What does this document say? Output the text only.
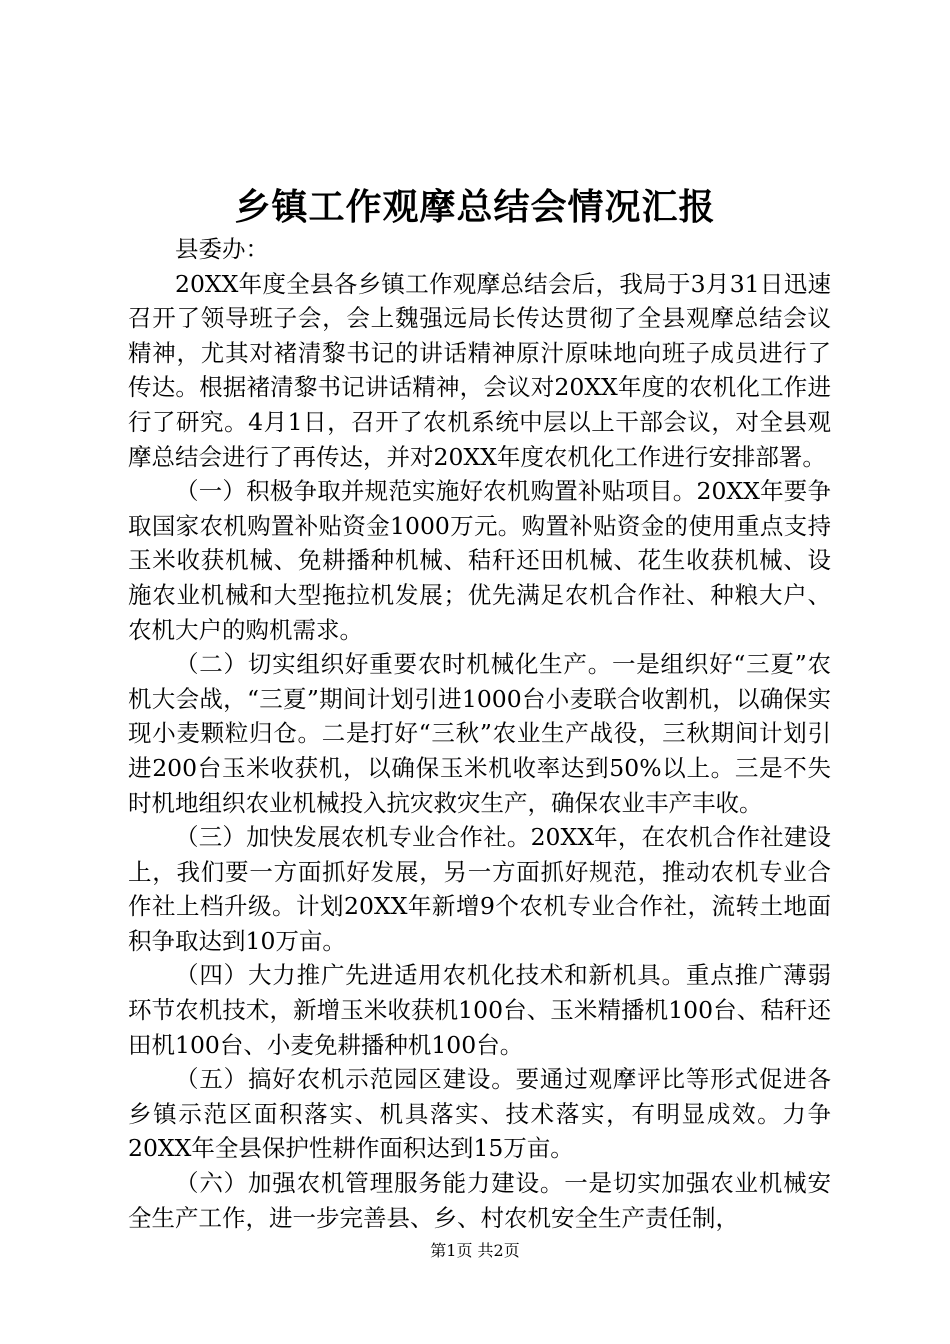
乡镇工作观摩总结会情况汇报

县委办：

20XX年度全县各乡镇工作观摩总结会后，我局于3月31日迅速召开了领导班子会，会上魏强远局长传达贯彻了全县观摩总结会议精神，尤其对褚清黎书记的讲话精神原汁原味地向班子成员进行了传达。根据褚清黎书记讲话精神，会议对20XX年度的农机化工作进行了研究。4月1日，召开了农机系统中层以上干部会议，对全县观摩总结会进行了再传达，并对20XX年度农机化工作进行安排部署。

（一）积极争取并规范实施好农机购置补贴项目。20XX年要争取国家农机购置补贴资金1000万元。购置补贴资金的使用重点支持玉米收获机械、免耕播种机械、秸秆还田机械、花生收获机械、设施农业机械和大型拖拉机发展；优先满足农机合作社、种粮大户、农机大户的购机需求。

（二）切实组织好重要农时机械化生产。一是组织好“三夏”农机大会战，“三夏”期间计划引进1000台小麦联合收割机，以确保实现小麦颗粒归仓。二是打好“三秋”农业生产战役，三秋期间计划引进200台玉米收获机，以确保玉米机收率达到50%以上。三是不失时机地组织农业机械投入抗灾救灾生产，确保农业丰产丰收。

（三）加快发展农机专业合作社。20XX年，在农机合作社建设上，我们要一方面抓好发展，另一方面抓好规范，推动农机专业合作社上档升级。计划20XX年新增9个农机专业合作社，流转土地面积争取达到10万亩。

（四）大力推广先进适用农机化技术和新机具。重点推广薄弱环节农机技术，新增玉米收获机100台、玉米精播机100台、秸秆还田机100台、小麦免耕播种机100台。

（五）搞好农机示范园区建设。要通过观摩评比等形式促进各乡镇示范区面积落实、机具落实、技术落实，有明显成效。力争20XX年全县保护性耕作面积达到15万亩。

（六）加强农机管理服务能力建设。一是切实加强农业机械安全生产工作，进一步完善县、乡、村农机安全生产责任制，

第1页 共2页
